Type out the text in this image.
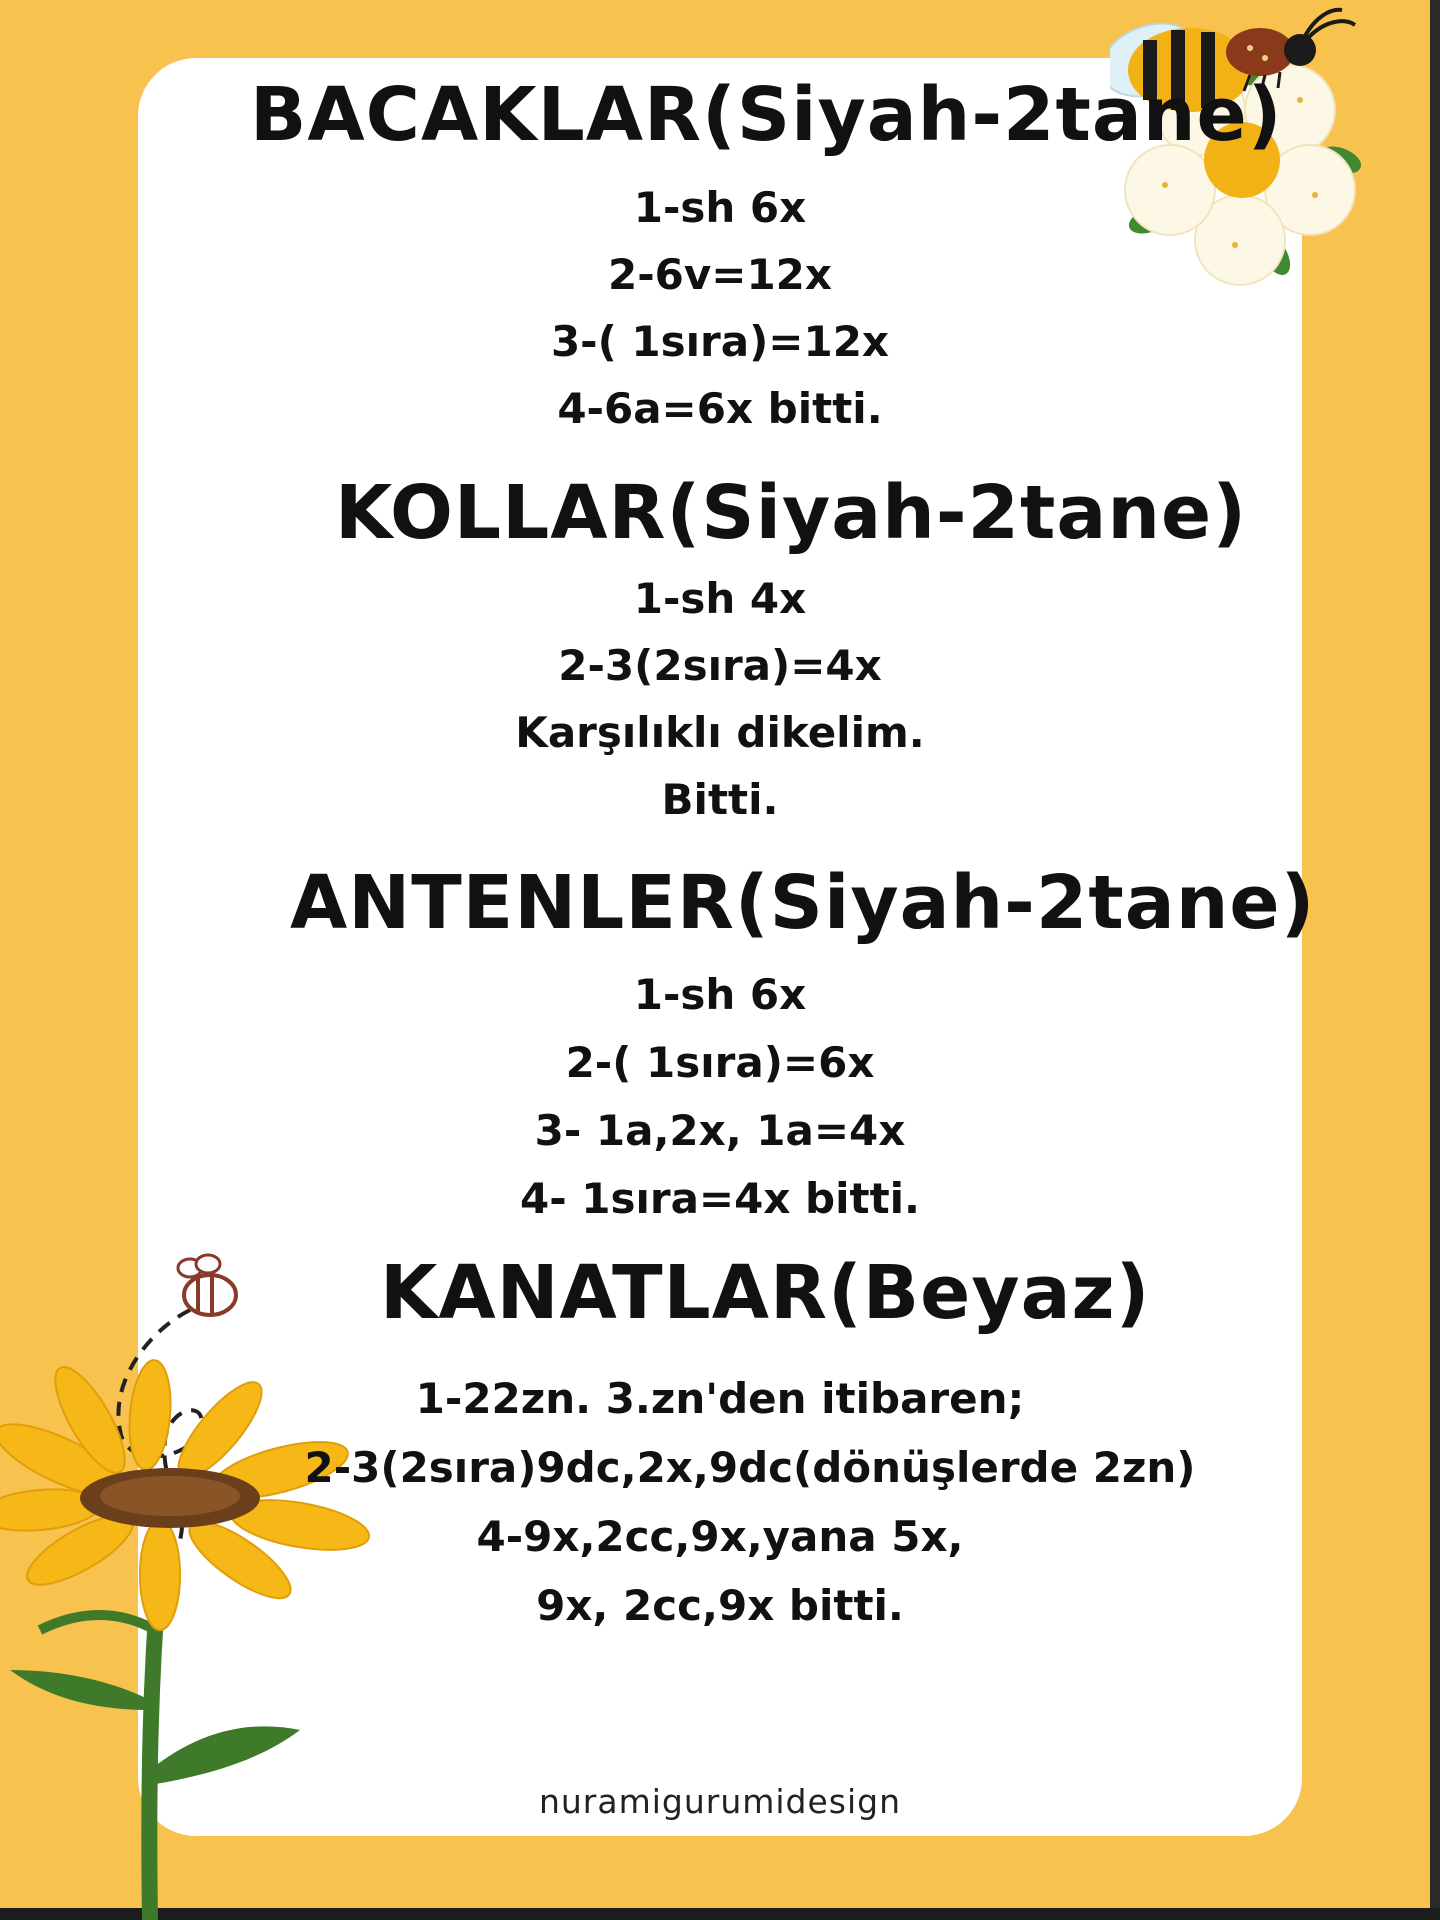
BACAKLAR(Siyah-2tane)
1-sh 6x
2-6v=12x
3-( 1sıra)=12x
4-6a=6x bitti.
KOLLAR(Siyah-2tane)
1-sh 4x
2-3(2sıra)=4x
Karşılıklı dikelim.
Bitti.
ANTENLER(Siyah-2tane)
1-sh 6x
2-( 1sıra)=6x
3- 1a,2x, 1a=4x
4- 1sıra=4x bitti.
KANATLAR(Beyaz)
1-22zn. 3.zn'den itibaren;
2-3(2sıra)9dc,2x,9dc(dönüşlerde 2zn)
4-9x,2cc,9x,yana 5x,
9x, 2cc,9x bitti.
nuramigurumidesign
